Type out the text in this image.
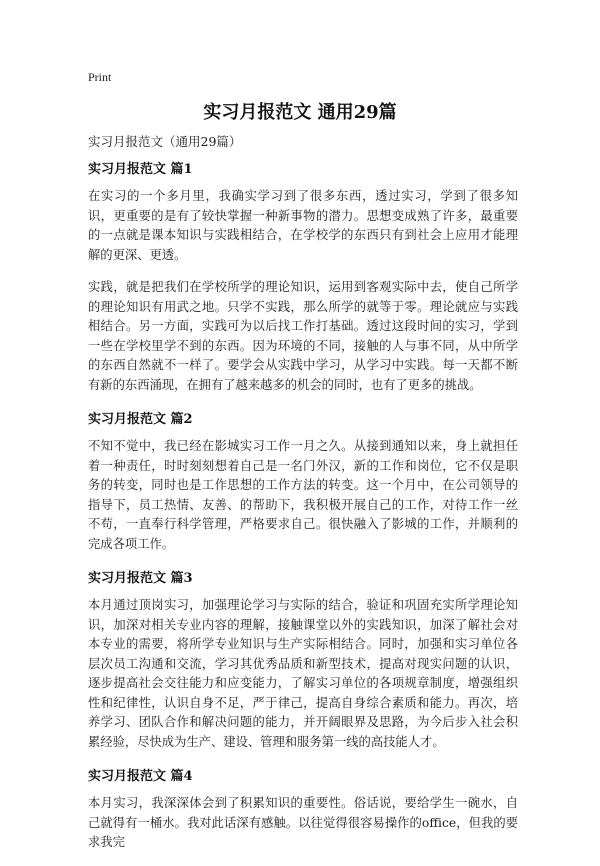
Print
实习月报范文 通用29篇
实习月报范文（通用29篇）
实习月报范文 篇1

在实习的一个多月里，我确实学习到了很多东西，透过实习，学到了很多知识，更重要的是有了较快掌握一种新事物的潜力。思想变成熟了许多，最重要的一点就是课本知识与实践相结合，在学校学的东西只有到社会上应用才能理解的更深、更透。

实践，就是把我们在学校所学的理论知识，运用到客观实际中去，使自己所学的理论知识有用武之地。只学不实践，那么所学的就等于零。理论就应与实践相结合。另一方面，实践可为以后找工作打基础。透过这段时间的实习，学到一些在学校里学不到的东西。因为环境的不同，接触的人与事不同，从中所学的东西自然就不一样了。要学会从实践中学习，从学习中实践。每一天都不断有新的东西涌现，在拥有了越来越多的机会的同时，也有了更多的挑战。

实习月报范文 篇2

不知不觉中，我已经在影城实习工作一月之久。从接到通知以来，身上就担任着一种责任，时时刻刻想着自己是一名门外汉，新的工作和岗位，它不仅是职务的转变，同时也是工作思想的工作方法的转变。这一个月中，在公司领导的指导下，员工热情、友善、的帮助下，我积极开展自己的工作，对待工作一丝不苟，一直奉行科学管理，严格要求自己。很快融入了影城的工作，并顺利的完成各项工作。

实习月报范文 篇3

本月通过顶岗实习，加强理论学习与实际的结合，验证和巩固充实所学理论知识，加深对相关专业内容的理解，接触课堂以外的实践知识，加深了解社会对本专业的需要，将所学专业知识与生产实际相结合。同时，加强和实习单位各层次员工沟通和交流，学习其优秀品质和新型技术，提高对现实问题的认识，逐步提高社会交往能力和应变能力，了解实习单位的各项规章制度，增强组织性和纪律性，认识自身不足，严于律己，提高自身综合素质和能力。再次，培养学习、团队合作和解决问题的能力，并开阔眼界及思路，为今后步入社会积累经验，尽快成为生产、建设、管理和服务第一线的高技能人才。

实习月报范文 篇4

本月实习，我深深体会到了积累知识的重要性。俗话说，要给学生一碗水，自己就得有一桶水。我对此话深有感触。以往觉得很容易操作的office，但我的要求我完
